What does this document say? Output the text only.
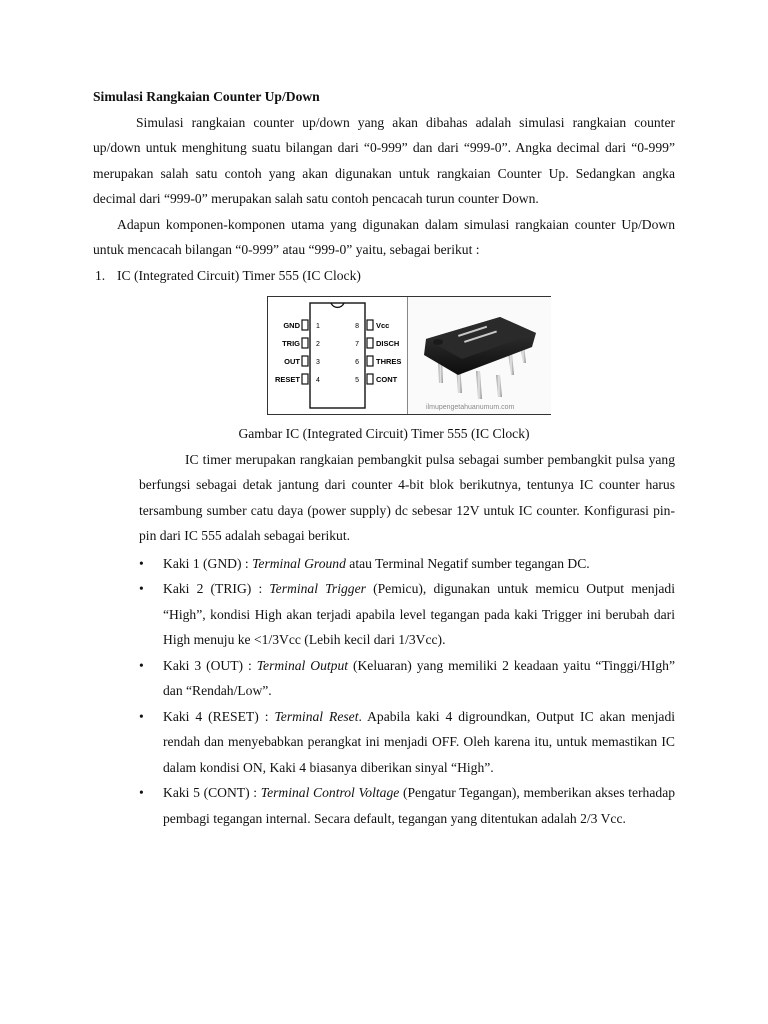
Simulasi Rangkaian Counter Up/Down

Simulasi rangkaian counter up/down yang akan dibahas adalah simulasi rangkaian counter up/down untuk menghitung suatu bilangan dari “0-999” dan dari “999-0”. Angka decimal dari “0-999” merupakan salah satu contoh yang akan digunakan untuk rangkaian Counter Up. Sedangkan angka decimal dari “999-0” merupakan salah satu contoh pencacah turun counter Down.

Adapun komponen-komponen utama yang digunakan dalam simulasi rangkaian counter Up/Down untuk mencacah bilangan “0-999” atau “999-0” yaitu, sebagai berikut :

1. IC (Integrated Circuit) Timer 555 (IC Clock)

GND
TRIG
OUT
RESET
1
2
3
4
8
7
6
5
Vcc
DISCH
THRES
CONT
ilmupengetahuanumum.com

Gambar IC (Integrated Circuit) Timer 555 (IC Clock)

IC timer merupakan rangkaian pembangkit pulsa sebagai sumber pembangkit pulsa yang berfungsi sebagai detak jantung dari counter 4-bit blok berikutnya, tentunya IC counter harus tersambung sumber catu daya (power supply) dc sebesar 12V untuk IC counter. Konfigurasi pin-pin dari IC 555 adalah sebagai berikut.

• Kaki 1 (GND) : Terminal Ground atau Terminal Negatif sumber tegangan DC.
• Kaki 2 (TRIG) : Terminal Trigger (Pemicu), digunakan untuk memicu Output menjadi “High”, kondisi High akan terjadi apabila level tegangan pada kaki Trigger ini berubah dari High menuju ke <1/3Vcc (Lebih kecil dari 1/3Vcc).
• Kaki 3 (OUT) : Terminal Output (Keluaran) yang memiliki 2 keadaan yaitu “Tinggi/HIgh” dan “Rendah/Low”.
• Kaki 4 (RESET) : Terminal Reset. Apabila kaki 4 digroundkan, Output IC akan menjadi rendah dan menyebabkan perangkat ini menjadi OFF. Oleh karena itu, untuk memastikan IC dalam kondisi ON, Kaki 4 biasanya diberikan sinyal “High”.
• Kaki 5 (CONT) : Terminal Control Voltage (Pengatur Tegangan), memberikan akses terhadap pembagi tegangan internal. Secara default, tegangan yang ditentukan adalah 2/3 Vcc.
